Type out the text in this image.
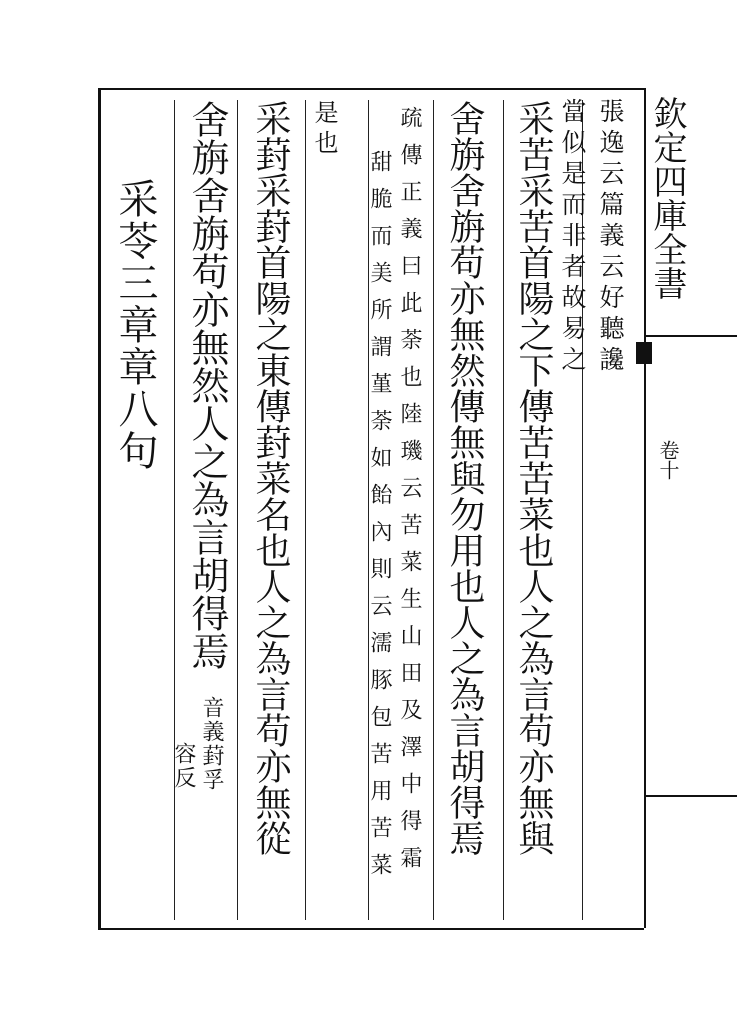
欽定四庫全書
卷十
張逸云篇義云好聽讒
當似是而非者故易之
采苦采苦首陽之下傳苦苦菜也人之為言苟亦無與
舍旃舍旃苟亦無然傳無與勿用也人之為言胡得焉
疏傳正義曰此荼也陸璣云苦菜生山田及澤中得霜
甜脆而美所謂堇荼如飴內則云濡豚包苦用苦菜
是也
采葑采葑首陽之東傳葑菜名也人之為言苟亦無從
舍旃舍旃苟亦無然人之為言胡得焉
音義葑孚
容反
采苓三章章八句
